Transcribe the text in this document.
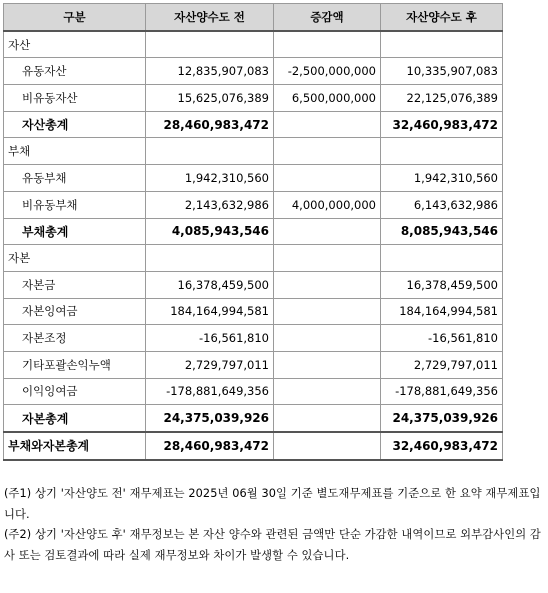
구분	자산양수도 전	증감액	자산양수도 후
자산			
유동자산	12,835,907,083	-2,500,000,000	10,335,907,083
비유동자산	15,625,076,389	6,500,000,000	22,125,076,389
자산총계	28,460,983,472		32,460,983,472
부채			
유동부채	1,942,310,560		1,942,310,560
비유동부채	2,143,632,986	4,000,000,000	6,143,632,986
부채총계	4,085,943,546		8,085,943,546
자본			
자본금	16,378,459,500		16,378,459,500
자본잉여금	184,164,994,581		184,164,994,581
자본조정	-16,561,810		-16,561,810
기타포괄손익누액	2,729,797,011		2,729,797,011
이익잉여금	-178,881,649,356		-178,881,649,356
자본총계	24,375,039,926		24,375,039,926
부채와자본총계	28,460,983,472		32,460,983,472

(주1) 상기 '자산양도 전' 재무제표는 2025년 06월 30일 기준 별도재무제표를 기준으로 한 요약 재무제표입니다.

(주2) 상기 '자산양도 후' 재무정보는 본 자산 양수와 관련된 금액만 단순 가감한 내역이므로 외부감사인의 감사 또는 검토결과에 따라 실제 재무정보와 차이가 발생할 수 있습니다.
